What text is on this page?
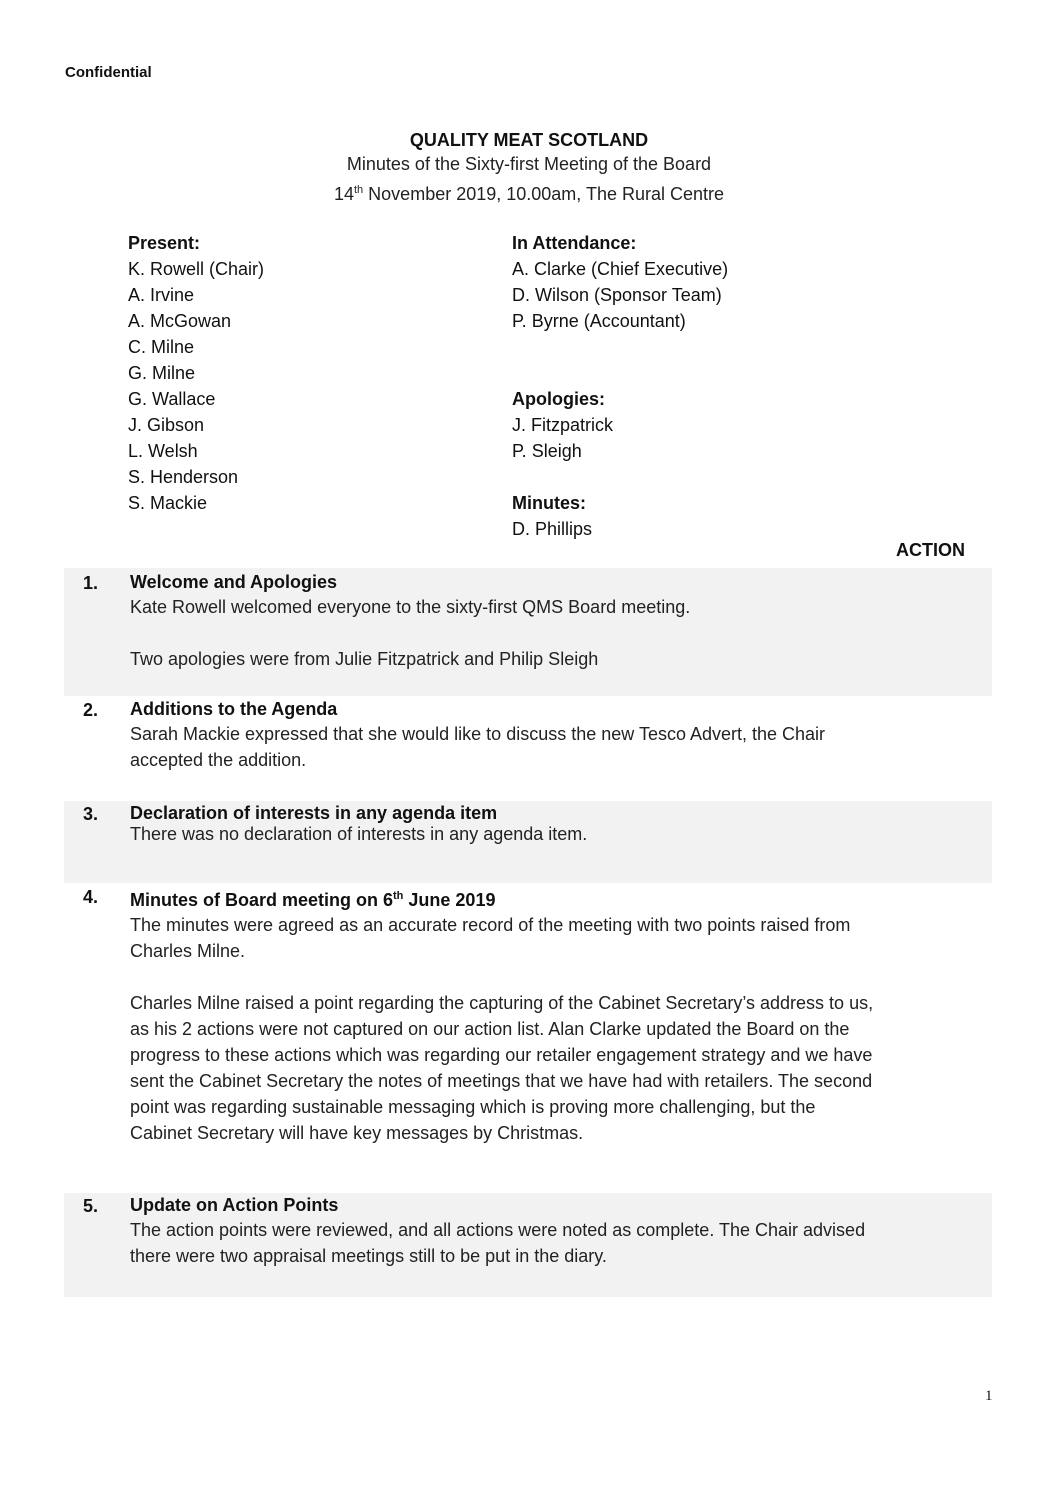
Confidential
QUALITY MEAT SCOTLAND
Minutes of the Sixty-first Meeting of the Board
14th November 2019, 10.00am, The Rural Centre
Present:
K. Rowell (Chair)
A. Irvine
A. McGowan
C. Milne
G. Milne
G. Wallace
J. Gibson
L. Welsh
S. Henderson
S. Mackie
In Attendance:
A. Clarke (Chief Executive)
D. Wilson (Sponsor Team)
P. Byrne (Accountant)
Apologies:
J. Fitzpatrick
P. Sleigh
Minutes:
D. Phillips
ACTION
1. Welcome and Apologies

Kate Rowell welcomed everyone to the sixty-first QMS Board meeting.

Two apologies were from Julie Fitzpatrick and Philip Sleigh

2. Additions to the Agenda

Sarah Mackie expressed that she would like to discuss the new Tesco Advert, the Chair accepted the addition.

3. Declaration of interests in any agenda item

There was no declaration of interests in any agenda item.

4. Minutes of Board meeting on 6th June 2019

The minutes were agreed as an accurate record of the meeting with two points raised from Charles Milne.

Charles Milne raised a point regarding the capturing of the Cabinet Secretary’s address to us, as his 2 actions were not captured on our action list. Alan Clarke updated the Board on the progress to these actions which was regarding our retailer engagement strategy and we have sent the Cabinet Secretary the notes of meetings that we have had with retailers. The second point was regarding sustainable messaging which is proving more challenging, but the Cabinet Secretary will have key messages by Christmas.

5. Update on Action Points

The action points were reviewed, and all actions were noted as complete. The Chair advised there were two appraisal meetings still to be put in the diary.

1
